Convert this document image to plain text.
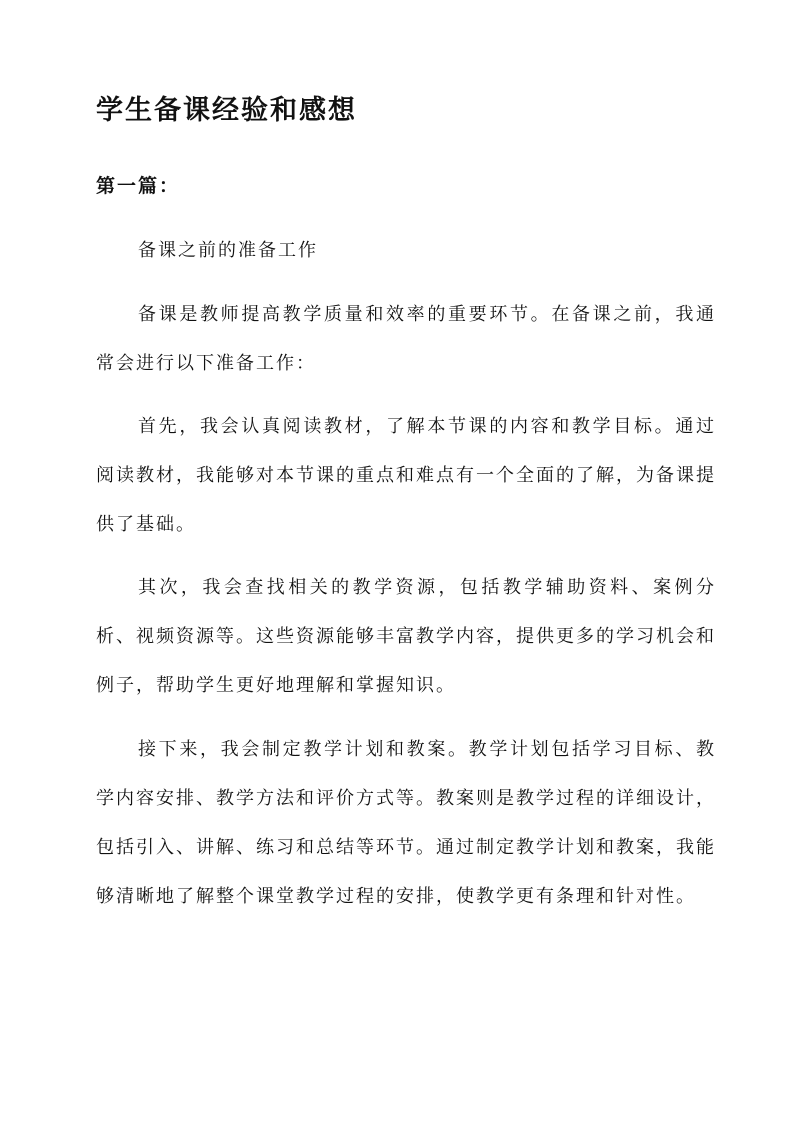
学生备课经验和感想
第一篇：

备课之前的准备工作

备课是教师提高教学质量和效率的重要环节。在备课之前，我通常会进行以下准备工作：

首先，我会认真阅读教材，了解本节课的内容和教学目标。通过阅读教材，我能够对本节课的重点和难点有一个全面的了解，为备课提供了基础。

其次，我会查找相关的教学资源，包括教学辅助资料、案例分析、视频资源等。这些资源能够丰富教学内容，提供更多的学习机会和例子，帮助学生更好地理解和掌握知识。

接下来，我会制定教学计划和教案。教学计划包括学习目标、教学内容安排、教学方法和评价方式等。教案则是教学过程的详细设计，包括引入、讲解、练习和总结等环节。通过制定教学计划和教案，我能够清晰地了解整个课堂教学过程的安排，使教学更有条理和针对性。
